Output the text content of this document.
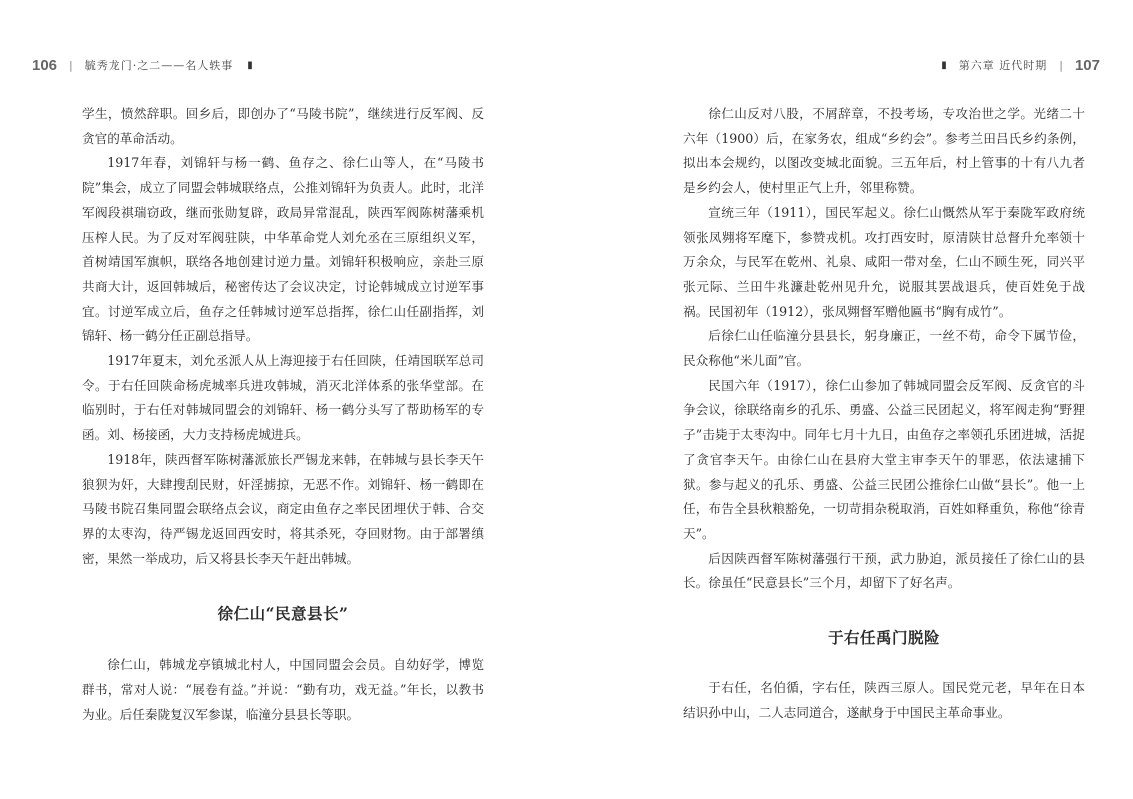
106 | 毓秀龙门·之二——名人轶事 ▮

学生，愤然辞职。回乡后，即创办了“马陵书院”，继续进行反军阀、反贪官的革命活动。

1917年春，刘锦轩与杨一鹤、鱼存之、徐仁山等人，在“马陵书院”集会，成立了同盟会韩城联络点，公推刘锦轩为负责人。此时，北洋军阀段祺瑞窃政，继而张勋复辟，政局异常混乱，陕西军阀陈树藩乘机压榨人民。为了反对军阀驻陕，中华革命党人刘允丞在三原组织义军，首树靖国军旗帜，联络各地创建讨逆力量。刘锦轩积极响应，亲赴三原共商大计，返回韩城后，秘密传达了会议决定，讨论韩城成立讨逆军事宜。讨逆军成立后，鱼存之任韩城讨逆军总指挥，徐仁山任副指挥，刘锦轩、杨一鹤分任正副总指导。

1917年夏末，刘允丞派人从上海迎接于右任回陕，任靖国联军总司令。于右任回陕命杨虎城率兵进攻韩城，消灭北洋体系的张华堂部。在临别时，于右任对韩城同盟会的刘锦轩、杨一鹤分头写了帮助杨军的专函。刘、杨接函，大力支持杨虎城进兵。

1918年，陕西督军陈树藩派旅长严锡龙来韩，在韩城与县长李天午狼狈为奸，大肆搜刮民财，奸淫掳掠，无恶不作。刘锦轩、杨一鹤即在马陵书院召集同盟会联络点会议，商定由鱼存之率民团埋伏于韩、合交界的太枣沟，待严锡龙返回西安时，将其杀死，夺回财物。由于部署缜密，果然一举成功，后又将县长李天午赶出韩城。

徐仁山“民意县长”

徐仁山，韩城龙亭镇城北村人，中国同盟会会员。自幼好学，博览群书，常对人说：“展卷有益。”并说：“勤有功，戏无益。”年长，以教书为业。后任秦陇复汉军参谋，临潼分县县长等职。

▮ 第六章 近代时期 | 107

徐仁山反对八股，不屑辞章，不投考场，专攻治世之学。光绪二十六年（1900）后，在家务农，组成“乡约会”。参考兰田吕氏乡约条例，拟出本会规约，以图改变城北面貌。三五年后，村上管事的十有八九者是乡约会人，使村里正气上升，邻里称赞。

宣统三年（1911），国民军起义。徐仁山慨然从军于秦陇军政府统领张凤翙将军麾下，参赞戎机。攻打西安时，原清陕甘总督升允率领十万余众，与民军在乾州、礼泉、咸阳一带对垒，仁山不顾生死，同兴平张元际、兰田牛兆濂赴乾州见升允，说服其罢战退兵，使百姓免于战祸。民国初年（1912），张凤翙督军赠他匾书“胸有成竹”。

后徐仁山任临潼分县县长，躬身廉正，一丝不苟，命令下属节俭，民众称他“米儿面”官。

民国六年（1917），徐仁山参加了韩城同盟会反军阀、反贪官的斗争会议，徐联络南乡的孔乐、勇盛、公益三民团起义，将军阀走狗“野狸子”击毙于太枣沟中。同年七月十九日，由鱼存之率领孔乐团进城，活捉了贪官李天午。由徐仁山在县府大堂主审李天午的罪恶，依法逮捕下狱。参与起义的孔乐、勇盛、公益三民团公推徐仁山做“县长”。他一上任，布告全县秋粮豁免，一切苛捐杂税取消，百姓如释重负，称他“徐青天”。

后因陕西督军陈树藩强行干预，武力胁迫，派员接任了徐仁山的县长。徐虽任“民意县长”三个月，却留下了好名声。

于右任禹门脱险

于右任，名伯循，字右任，陕西三原人。国民党元老，早年在日本结识孙中山，二人志同道合，遂献身于中国民主革命事业。
